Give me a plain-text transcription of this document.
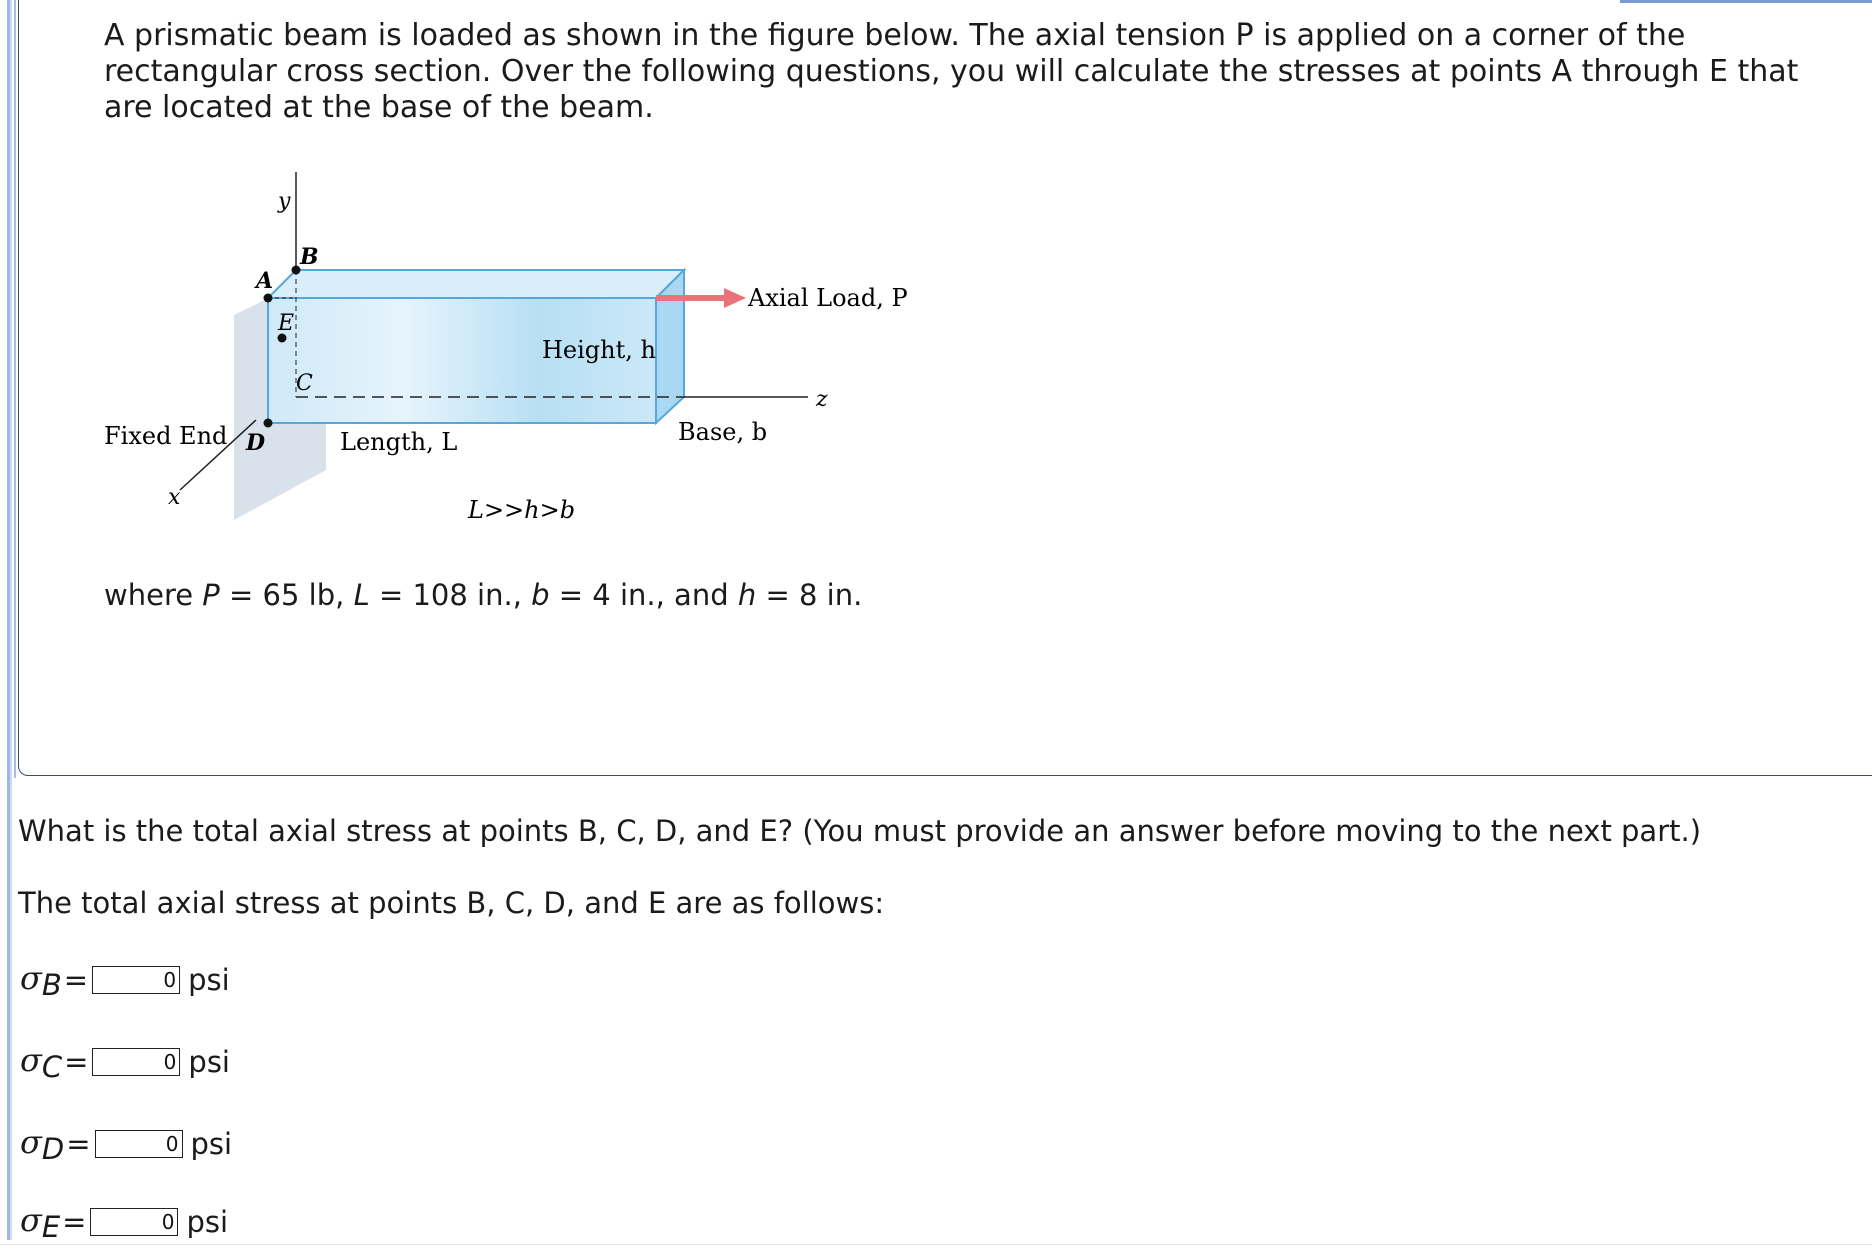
A prismatic beam is loaded as shown in the figure below. The axial tension P is applied on a corner of the rectangular cross section. Over the following questions, you will calculate the stresses at points A through E that are located at the base of the beam.

y
B
A
E
C
D
Axial Load, P
Height, h
z
Base, b
Fixed End	Length, L
x	L>>h>b

where P = 65 lb, L = 108 in., b = 4 in., and h = 8 in.

What is the total axial stress at points B, C, D, and E? (You must provide an answer before moving to the next part.)

The total axial stress at points B, C, D, and E are as follows:

$\sigma_B$ =
0	psi
$\sigma_C$ =
0	psi
$\sigma_D$ =
0	psi
$\sigma_E$ =
0	psi
